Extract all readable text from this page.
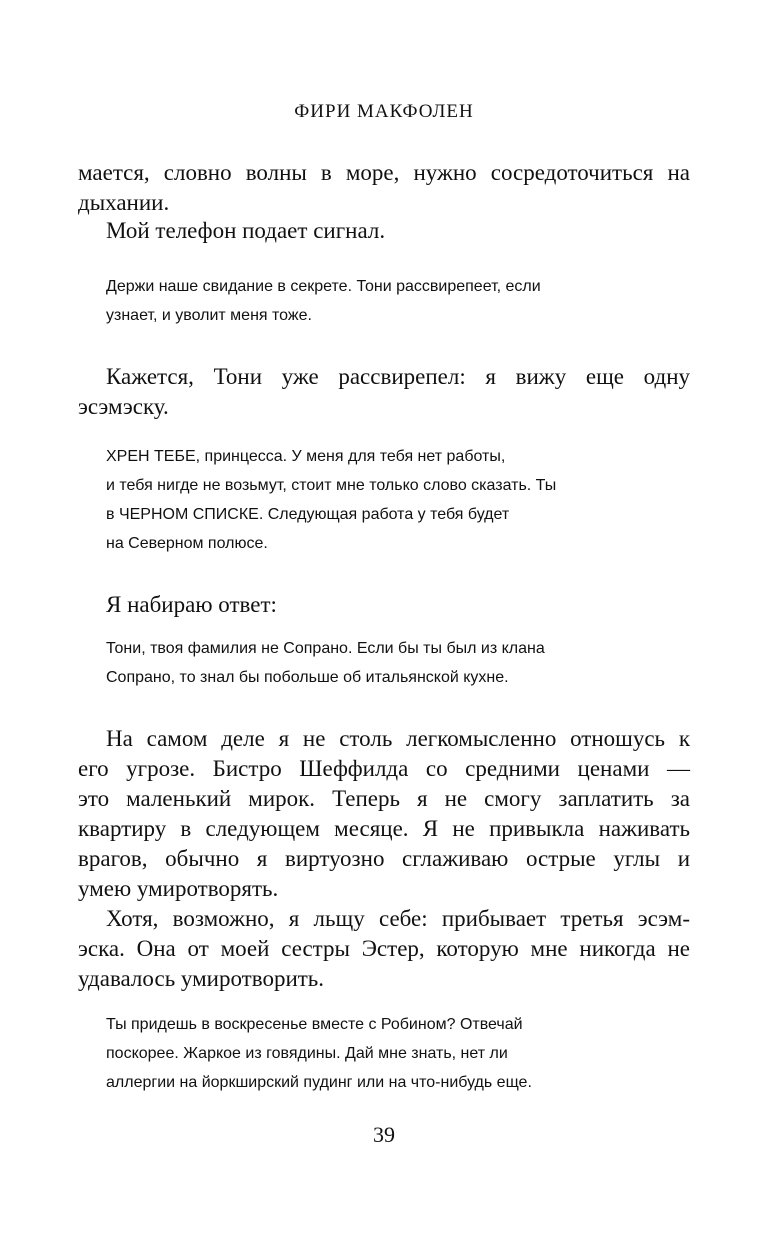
ФИРИ МАКФОЛЕН

мается, словно волны в море, нужно сосредоточиться на
дыхании.

Мой телефон подает сигнал.

Держи наше свидание в секрете. Тони рассвирепеет, если
узнает, и уволит меня тоже.

Кажется, Тони уже рассвирепел: я вижу еще одну
эсэмэску.

ХРЕН ТЕБЕ, принцесса. У меня для тебя нет работы,
и тебя нигде не возьмут, стоит мне только слово сказать. Ты
в ЧЕРНОМ СПИСКЕ. Следующая работа у тебя будет
на Северном полюсе.

Я набираю ответ:

Тони, твоя фамилия не Сопрано. Если бы ты был из клана
Сопрано, то знал бы побольше об итальянской кухне.

На самом деле я не столь легкомысленно отношусь к
его угрозе. Бистро Шеффилда со средними ценами —
это маленький мирок. Теперь я не смогу заплатить за
квартиру в следующем месяце. Я не привыкла наживать
врагов, обычно я виртуозно сглаживаю острые углы и
умею умиротворять.

Хотя, возможно, я льщу себе: прибывает третья эсэм-
эска. Она от моей сестры Эстер, которую мне никогда не
удавалось умиротворить.

Ты придешь в воскресенье вместе с Робином? Отвечай
поскорее. Жаркое из говядины. Дай мне знать, нет ли
аллергии на йоркширский пудинг или на что-нибудь еще.
39
